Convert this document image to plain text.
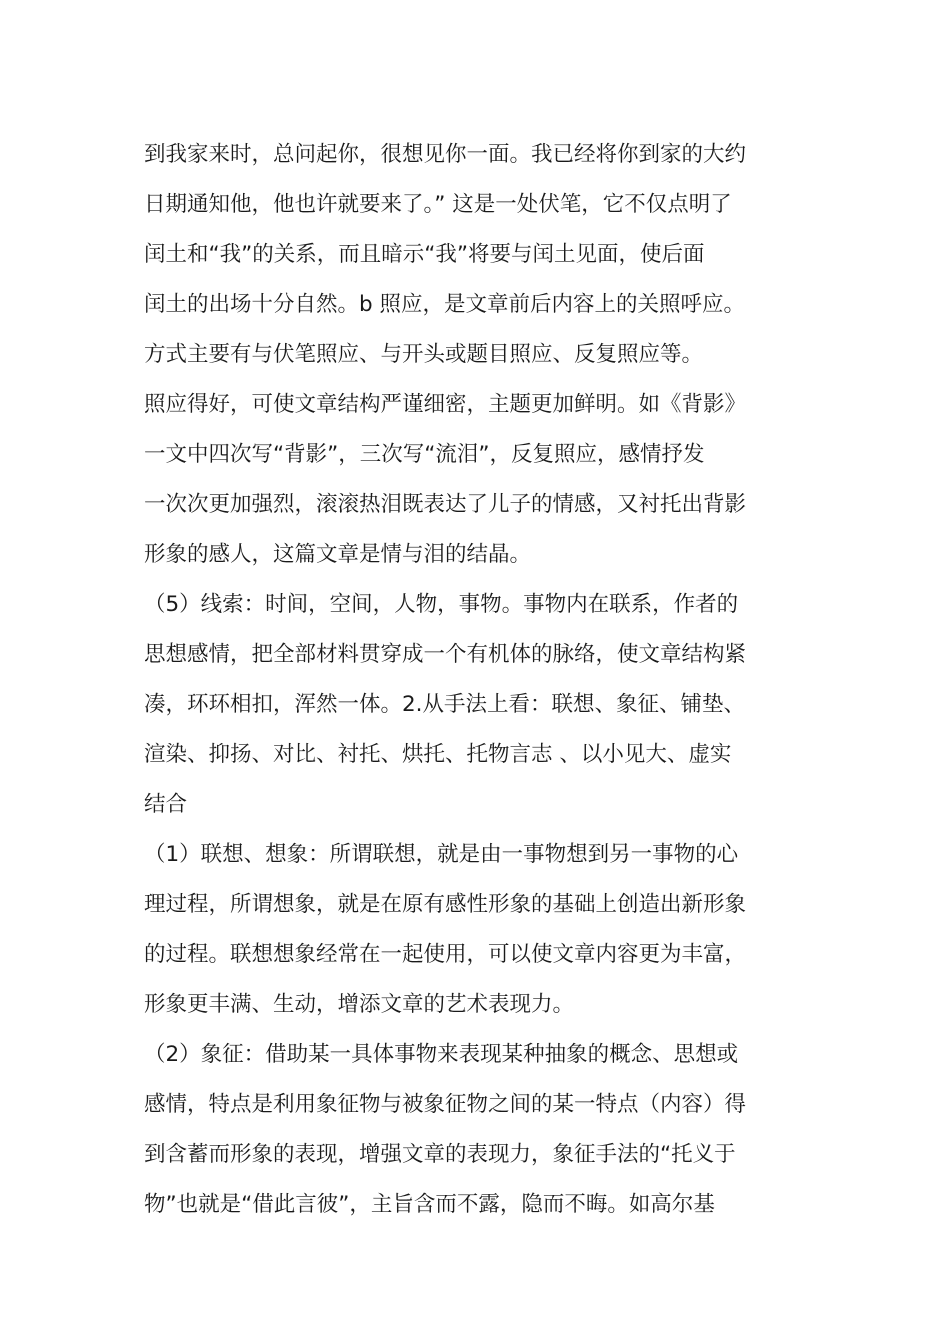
到我家来时，总问起你，很想见你一面。我已经将你到家的大约
日期通知他，他也许就要来了。” 这是一处伏笔，它不仅点明了
闰土和“我”的关系，而且暗示“我”将要与闰土见面，使后面
闰土的出场十分自然。b 照应，是文章前后内容上的关照呼应。
方式主要有与伏笔照应、与开头或题目照应、反复照应等。
照应得好，可使文章结构严谨细密，主题更加鲜明。如《背影》
一文中四次写“背影”，三次写“流泪”，反复照应，感情抒发
一次次更加强烈，滚滚热泪既表达了儿子的情感，又衬托出背影
形象的感人，这篇文章是情与泪的结晶。
（5）线索：时间，空间，人物，事物。事物内在联系，作者的
思想感情，把全部材料贯穿成一个有机体的脉络，使文章结构紧
凑，环环相扣，浑然一体。2.从手法上看：联想、象征、铺垫、
渲染、抑扬、对比、衬托、烘托、托物言志 、以小见大、虚实
结合
（1）联想、想象：所谓联想，就是由一事物想到另一事物的心
理过程，所谓想象，就是在原有感性形象的基础上创造出新形象
的过程。联想想象经常在一起使用，可以使文章内容更为丰富，
形象更丰满、生动，增添文章的艺术表现力。
（2）象征：借助某一具体事物来表现某种抽象的概念、思想或
感情，特点是利用象征物与被象征物之间的某一特点（内容）得
到含蓄而形象的表现，增强文章的表现力，象征手法的“托义于
物”也就是“借此言彼”，主旨含而不露，隐而不晦。如高尔基
